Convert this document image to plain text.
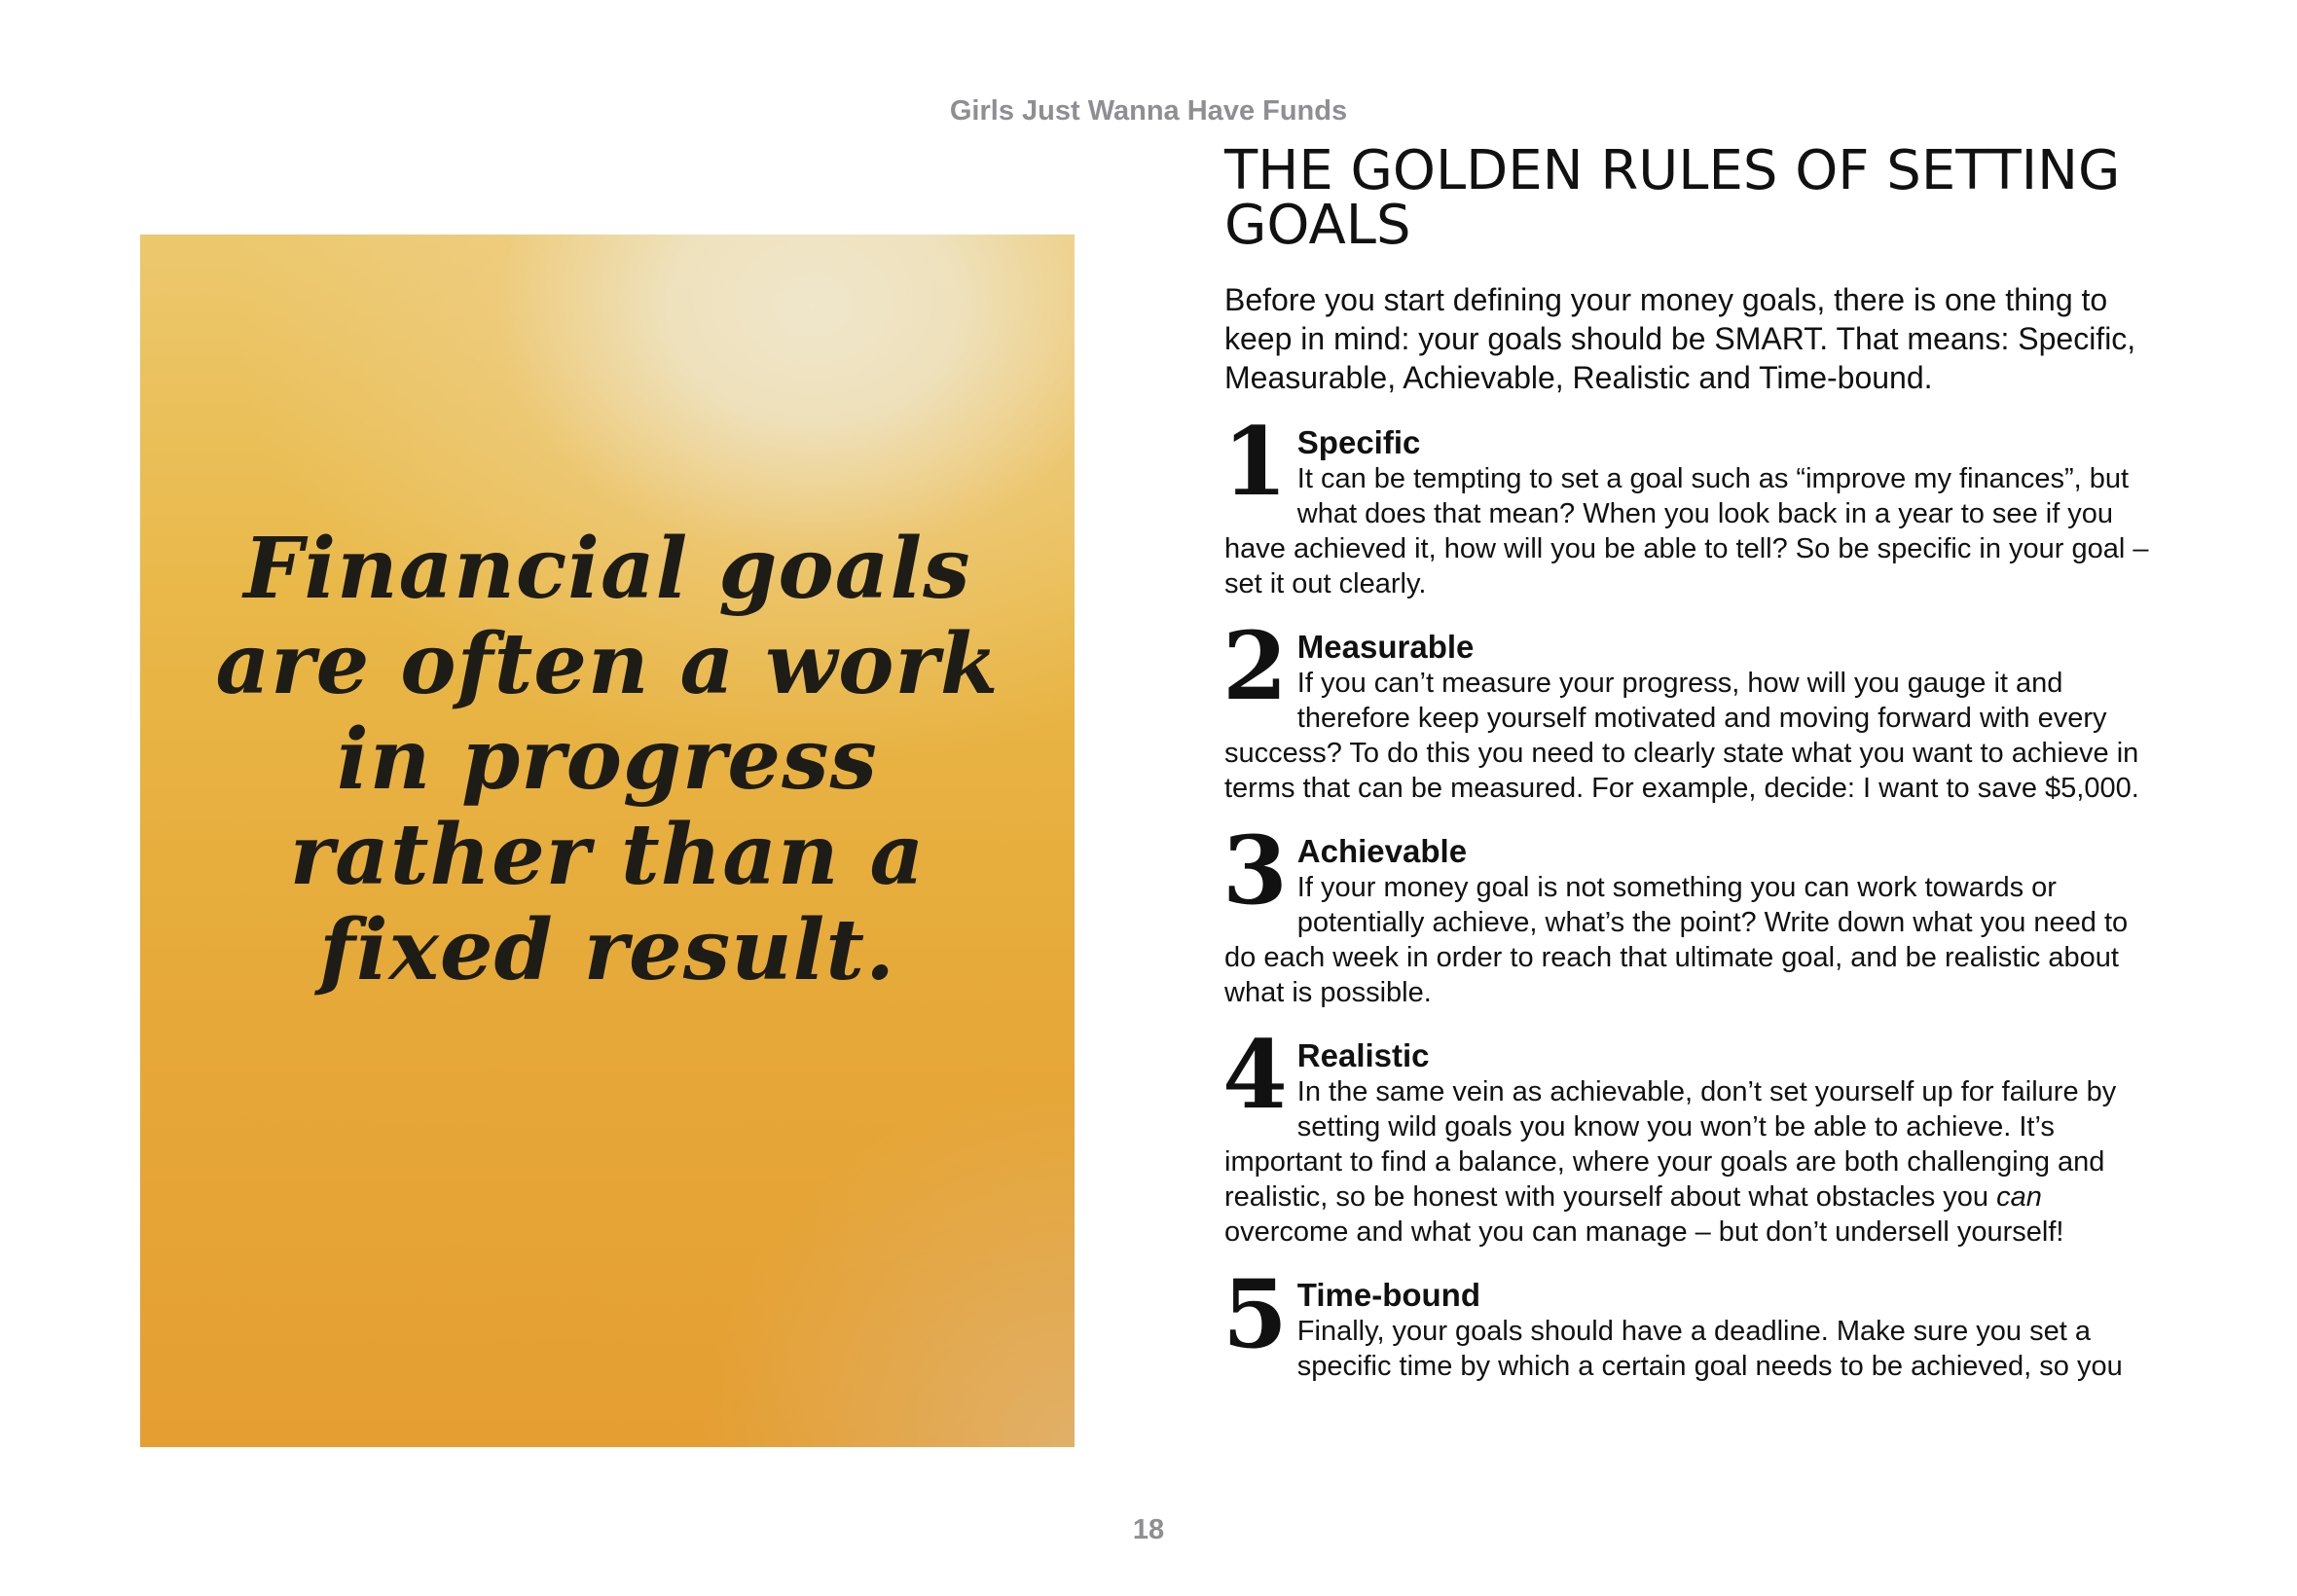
Girls Just Wanna Have Funds
Financial goals are often a work in progress rather than a fixed result.
THE GOLDEN RULES OF SETTING GOALS

Before you start defining your money goals, there is one thing to keep in mind: your goals should be SMART. That means: Specific, Measurable, Achievable, Realistic and Time-bound.

1 Specific
It can be tempting to set a goal such as “improve my finances”, but what does that mean? When you look back in a year to see if you have achieved it, how will you be able to tell? So be specific in your goal – set it out clearly.
2 Measurable
If you can’t measure your progress, how will you gauge it and therefore keep yourself motivated and moving forward with every success? To do this you need to clearly state what you want to achieve in terms that can be measured. For example, decide: I want to save $5,000.
3 Achievable
If your money goal is not something you can work towards or potentially achieve, what’s the point? Write down what you need to do each week in order to reach that ultimate goal, and be realistic about what is possible.
4 Realistic
In the same vein as achievable, don’t set yourself up for failure by setting wild goals you know you won’t be able to achieve. It’s important to find a balance, where your goals are both challenging and realistic, so be honest with yourself about what obstacles you can overcome and what you can manage – but don’t undersell yourself!
5 Time-bound
Finally, your goals should have a deadline. Make sure you set a specific time by which a certain goal needs to be achieved, so you
18
